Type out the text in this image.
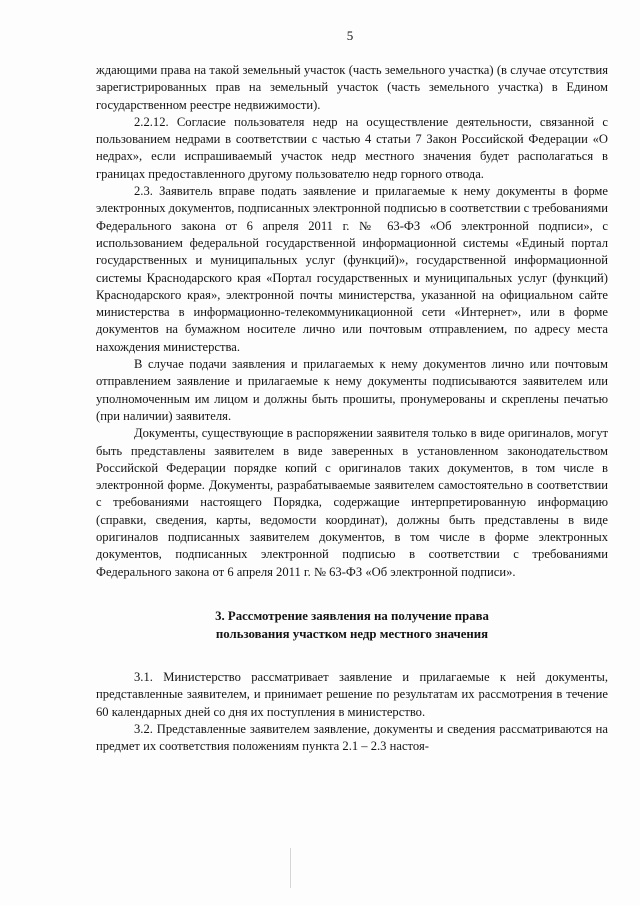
5

ждающими права на такой земельный участок (часть земельного участка) (в случае отсутствия зарегистрированных прав на земельный участок (часть земельного участка) в Едином государственном реестре недвижимости).

2.2.12. Согласие пользователя недр на осуществление деятельности, связанной с пользованием недрами в соответствии с частью 4 статьи 7 Закон Российской Федерации «О недрах», если испрашиваемый участок недр местного значения будет располагаться в границах предоставленного другому пользователю недр горного отвода.

2.3. Заявитель вправе подать заявление и прилагаемые к нему документы в форме электронных документов, подписанных электронной подписью в соответствии с требованиями Федерального закона от 6 апреля 2011 г. № 63-ФЗ «Об электронной подписи», с использованием федеральной государственной информационной системы «Единый портал государственных и муниципальных услуг (функций)», государственной информационной системы Краснодарского края «Портал государственных и муниципальных услуг (функций) Краснодарского края», электронной почты министерства, указанной на официальном сайте министерства в информационно-телекоммуникационной сети «Интернет», или в форме документов на бумажном носителе лично или почтовым отправлением, по адресу места нахождения министерства.

В случае подачи заявления и прилагаемых к нему документов лично или почтовым отправлением заявление и прилагаемые к нему документы подписываются заявителем или уполномоченным им лицом и должны быть прошиты, пронумерованы и скреплены печатью (при наличии) заявителя.

Документы, существующие в распоряжении заявителя только в виде оригиналов, могут быть представлены заявителем в виде заверенных в установленном законодательством Российской Федерации порядке копий с оригиналов таких документов, в том числе в электронной форме. Документы, разрабатываемые заявителем самостоятельно в соответствии с требованиями настоящего Порядка, содержащие интерпретированную информацию (справки, сведения, карты, ведомости координат), должны быть представлены в виде оригиналов подписанных заявителем документов, в том числе в форме электронных документов, подписанных электронной подписью в соответствии с требованиями Федерального закона от 6 апреля 2011 г. № 63-ФЗ «Об электронной подписи».

3. Рассмотрение заявления на получение права
пользования участком недр местного значения

3.1. Министерство рассматривает заявление и прилагаемые к ней документы, представленные заявителем, и принимает решение по результатам их рассмотрения в течение 60 календарных дней со дня их поступления в министерство.

3.2. Представленные заявителем заявление, документы и сведения рассматриваются на предмет их соответствия положениям пункта 2.1 – 2.3 настоя-
